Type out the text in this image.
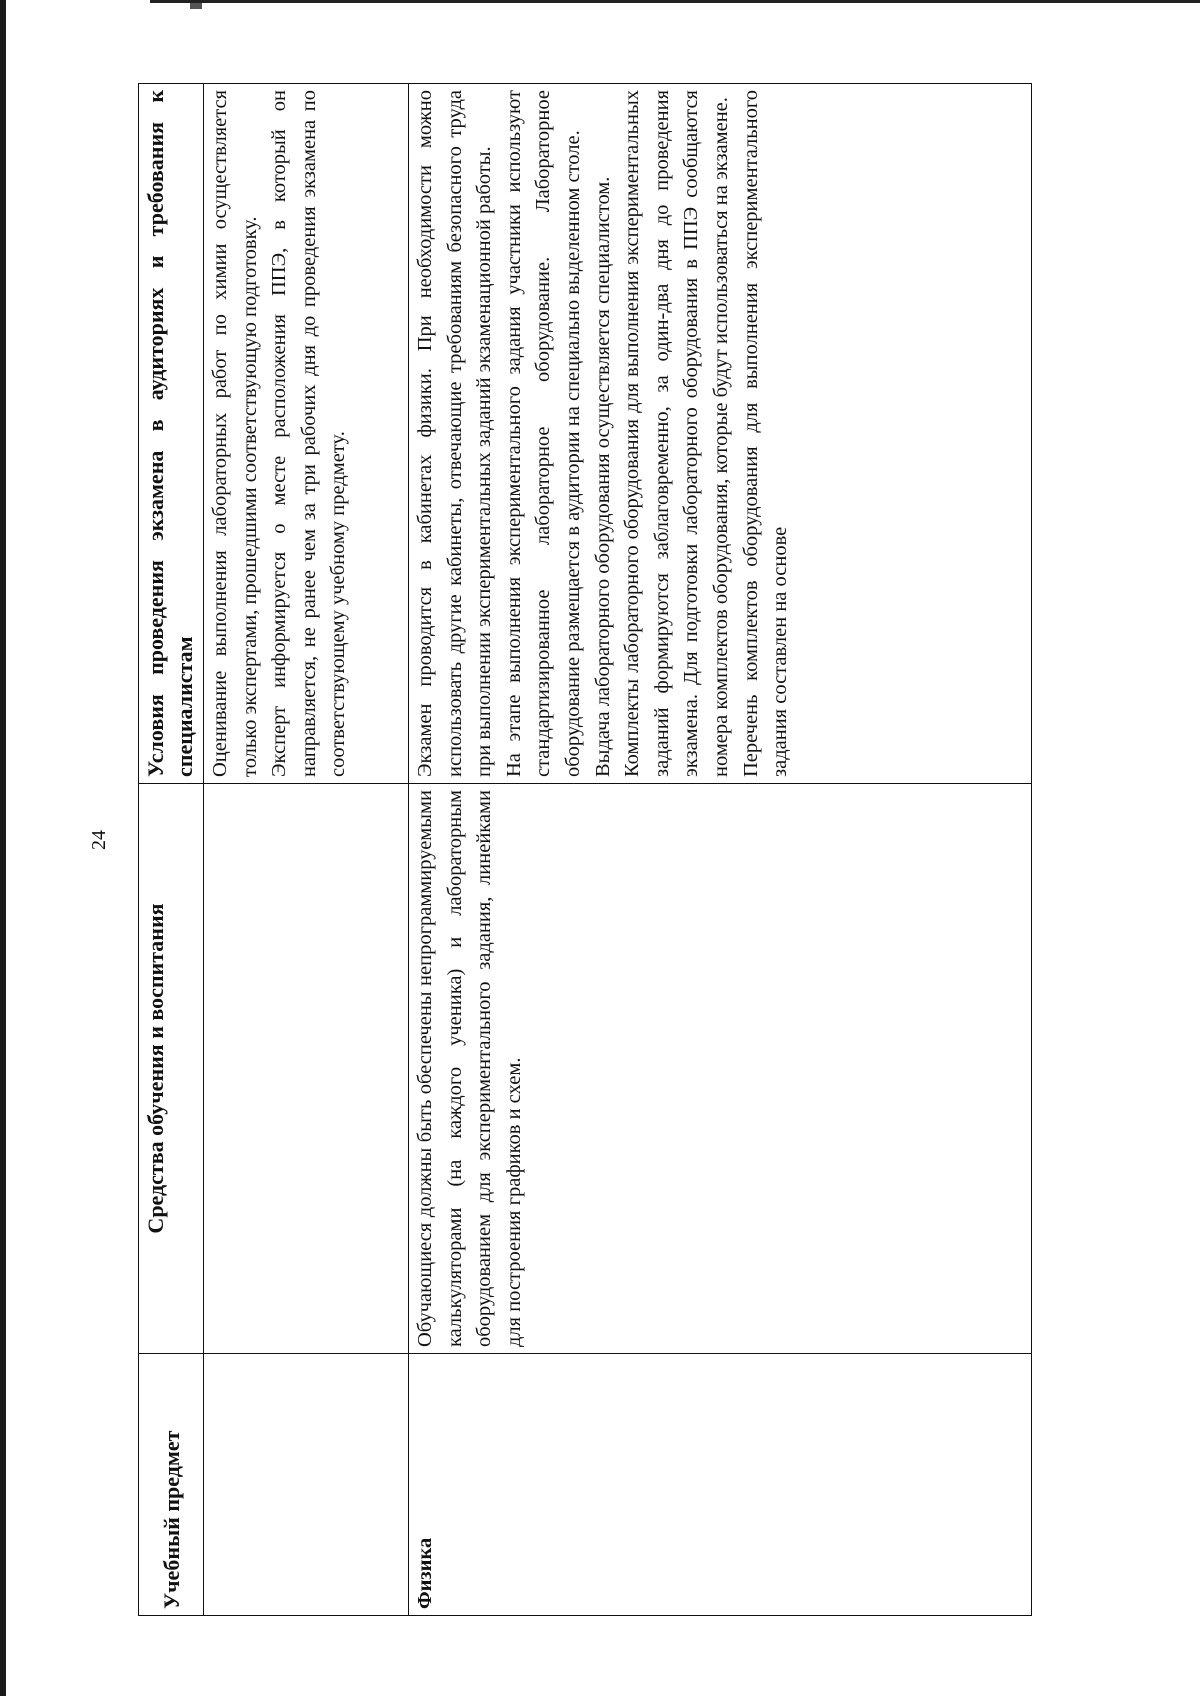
24
Учебный предмет	Средства обучения и воспитания	Условия проведения экзамена в аудиториях и требования к специалистам

		Оценивание выполнения лабораторных работ по химии осуществляется только экспертами, прошедшими соответствующую подготовку. Эксперт информируется о месте расположения ППЭ, в который он направляется, не ранее чем за три рабочих дня до проведения экзамена по соответствующему учебному предмету.

Физика	Обучающиеся должны быть обеспечены непрограммируемыми калькуляторами (на каждого ученика) и лабораторным оборудованием для экспериментального задания, линейками для построения графиков и схем.	Экзамен проводится в кабинетах физики. При необходимости можно использовать другие кабинеты, отвечающие требованиям безопасного труда при выполнении экспериментальных заданий экзаменационной работы. На этапе выполнения экспериментального задания участники используют стандартизированное лабораторное оборудование. Лабораторное оборудование размещается в аудитории на специально выделенном столе. Выдача лабораторного оборудования осуществляется специалистом. Комплекты лабораторного оборудования для выполнения экспериментальных заданий формируются заблаговременно, за один-два дня до проведения экзамена. Для подготовки лабораторного оборудования в ППЭ сообщаются номера комплектов оборудования, которые будут использоваться на экзамене. Перечень комплектов оборудования для выполнения экспериментального задания составлен на основе
